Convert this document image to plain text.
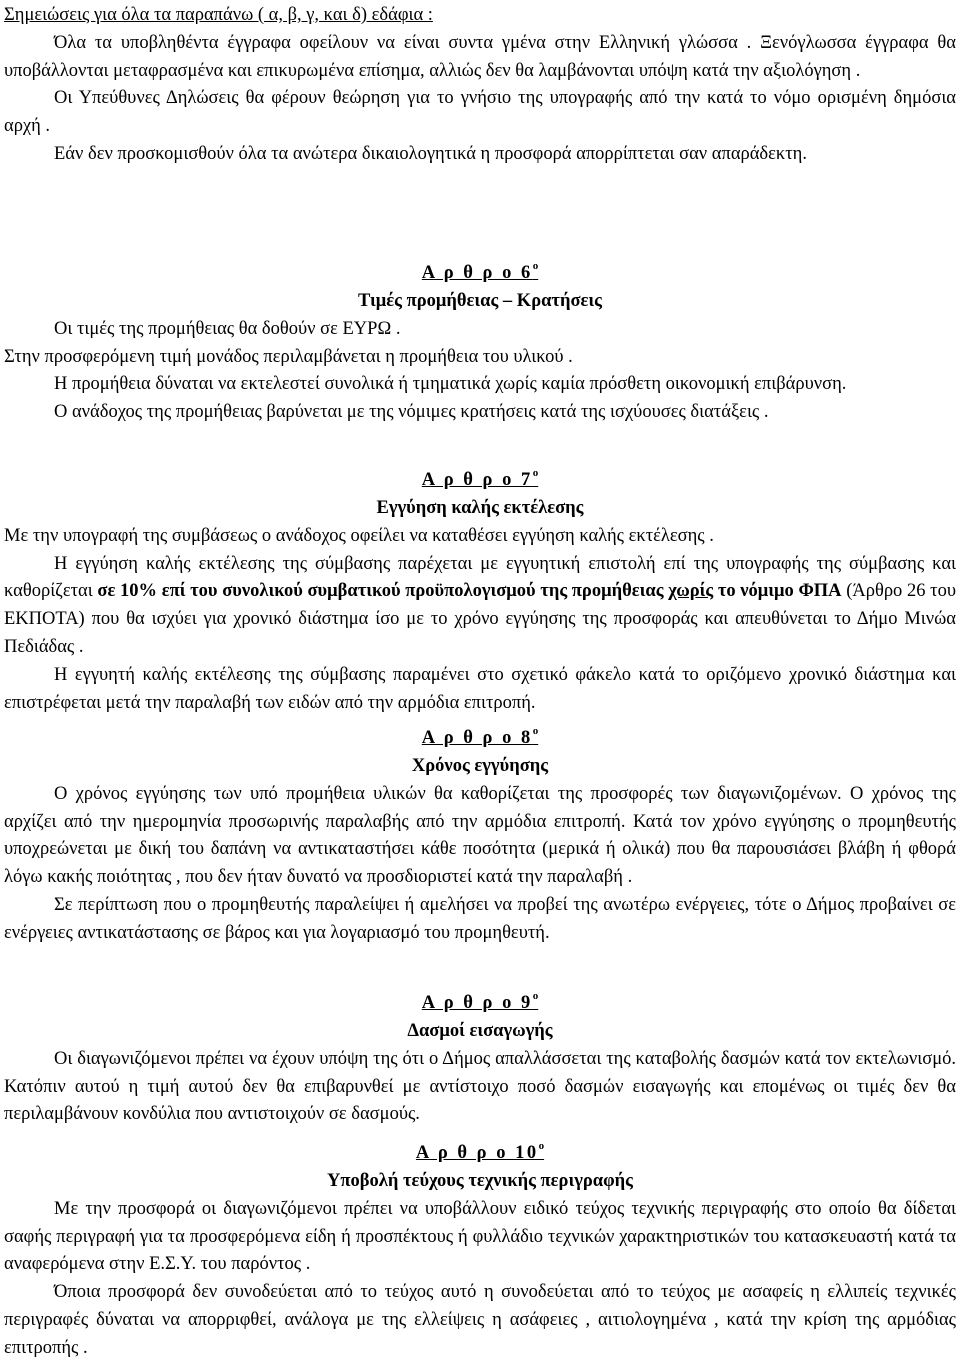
Σημειώσεις για όλα τα παραπάνω ( α, β, γ, και δ) εδάφια :
Όλα τα υποβληθέντα έγγραφα οφείλουν να είναι συντα γμένα στην Ελληνική γλώσσα . Ξενόγλωσσα έγγραφα θα υποβάλλονται μεταφρασμένα και επικυρωμένα επίσημα, αλλιώς δεν θα λαμβάνονται υπόψη κατά την αξιολόγηση .
Οι Υπεύθυνες Δηλώσεις θα φέρουν θεώρηση για το γνήσιο της υπογραφής από την κατά το νόμο ορισμένη δημόσια αρχή .
Εάν δεν προσκομισθούν όλα τα ανώτερα δικαιολογητικά η προσφορά απορρίπτεται σαν απαράδεκτη.
Α ρ θ ρ ο $6^o$
Τιμές προμήθειας – Κρατήσεις
Οι τιμές της προμήθειας θα δοθούν σε ΕΥΡΩ .
Στην προσφερόμενη τιμή μονάδος περιλαμβάνεται η προμήθεια του υλικού .
Η προμήθεια δύναται να εκτελεστεί συνολικά ή τμηματικά χωρίς καμία πρόσθετη οικονομική επιβάρυνση.
Ο ανάδοχος της προμήθειας βαρύνεται με της νόμιμες κρατήσεις κατά της ισχύουσες διατάξεις .
Α ρ θ ρ ο $7^o$
Εγγύηση καλής εκτέλεσης
Με την υπογραφή της συμβάσεως ο ανάδοχος οφείλει να καταθέσει εγγύηση καλής εκτέλεσης .
Η εγγύηση καλής εκτέλεσης της σύμβασης παρέχεται με εγγυητική επιστολή επί της υπογραφής της σύμβασης και καθορίζεται σε 10% επί του συνολικού συμβατικού προϋπολογισμού της προμήθειας χωρίς το νόμιμο ΦΠΑ (Άρθρο 26 του ΕΚΠΟΤΑ) που θα ισχύει για χρονικό διάστημα ίσο με το χρόνο εγγύησης της προσφοράς και απευθύνεται το Δήμο Μινώα Πεδιάδας .
Η εγγυητή καλής εκτέλεσης της σύμβασης παραμένει στο σχετικό φάκελο κατά το οριζόμενο χρονικό διάστημα και επιστρέφεται μετά την παραλαβή των ειδών από την αρμόδια επιτροπή.
Α ρ θ ρ ο $8^o$
Χρόνος εγγύησης
Ο χρόνος εγγύησης των υπό προμήθεια υλικών θα καθορίζεται της προσφορές των διαγωνιζομένων. Ο χρόνος της αρχίζει από την ημερομηνία προσωρινής παραλαβής από την αρμόδια επιτροπή. Κατά τον χρόνο εγγύησης ο προμηθευτής υποχρεώνεται με δική του δαπάνη να αντικαταστήσει κάθε ποσότητα (μερικά ή ολικά) που θα παρουσιάσει βλάβη ή φθορά λόγω κακής ποιότητας , που δεν ήταν δυνατό να προσδιοριστεί κατά την παραλαβή .
Σε περίπτωση που ο προμηθευτής παραλείψει ή αμελήσει να προβεί της ανωτέρω ενέργειες, τότε ο Δήμος προβαίνει σε ενέργειες αντικατάστασης σε βάρος και για λογαριασμό του προμηθευτή.
Α ρ θ ρ ο $9^o$
Δασμοί εισαγωγής
Οι διαγωνιζόμενοι πρέπει να έχουν υπόψη της ότι ο Δήμος απαλλάσσεται της καταβολής δασμών κατά τον εκτελωνισμό. Κατόπιν αυτού η τιμή αυτού δεν θα επιβαρυνθεί με αντίστοιχο ποσό δασμών εισαγωγής και επομένως οι τιμές δεν θα περιλαμβάνουν κονδύλια που αντιστοιχούν σε δασμούς.
Α ρ θ ρ ο $10^o$
Υποβολή τεύχους τεχνικής περιγραφής
Με την προσφορά οι διαγωνιζόμενοι πρέπει να υποβάλλουν ειδικό τεύχος τεχνικής περιγραφής στο οποίο θα δίδεται σαφής περιγραφή για τα προσφερόμενα είδη ή προσπέκτους ή φυλλάδιο τεχνικών χαρακτηριστικών του κατασκευαστή κατά τα αναφερόμενα στην Ε.Σ.Υ. του παρόντος .
Όποια προσφορά δεν συνοδεύεται από το τεύχος αυτό η συνοδεύεται από το τεύχος με ασαφείς η ελλιπείς τεχνικές περιγραφές δύναται να απορριφθεί, ανάλογα με της ελλείψεις η ασάφειες , αιτιολογημένα , κατά την κρίση της αρμόδιας επιτροπής .
